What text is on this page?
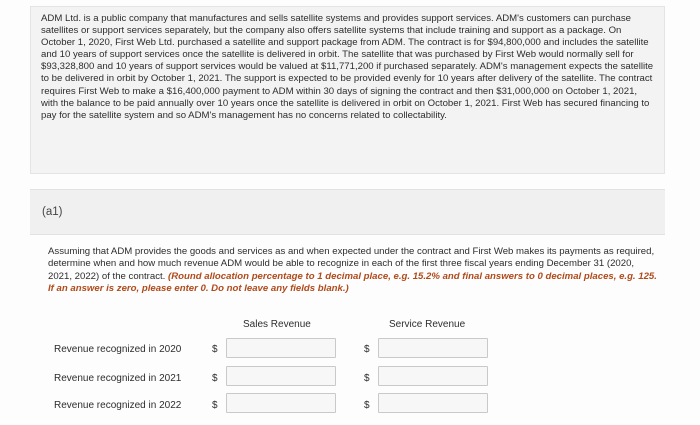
ADM Ltd. is a public company that manufactures and sells satellite systems and provides support services. ADM's customers can purchase satellites or support services separately, but the company also offers satellite systems that include training and support as a package. On October 1, 2020, First Web Ltd. purchased a satellite and support package from ADM. The contract is for $94,800,000 and includes the satellite and 10 years of support services once the satellite is delivered in orbit. The satellite that was purchased by First Web would normally sell for $93,328,800 and 10 years of support services would be valued at $11,771,200 if purchased separately. ADM's management expects the satellite to be delivered in orbit by October 1, 2021. The support is expected to be provided evenly for 10 years after delivery of the satellite. The contract requires First Web to make a $16,400,000 payment to ADM within 30 days of signing the contract and then $31,000,000 on October 1, 2021, with the balance to be paid annually over 10 years once the satellite is delivered in orbit on October 1, 2021. First Web has secured financing to pay for the satellite system and so ADM's management has no concerns related to collectability.

(a1)

Assuming that ADM provides the goods and services as and when expected under the contract and First Web makes its payments as required, determine when and how much revenue ADM would be able to recognize in each of the first three fiscal years ending December 31 (2020, 2021, 2022) of the contract. (Round allocation percentage to 1 decimal place, e.g. 15.2% and final answers to 0 decimal places, e.g. 125. If an answer is zero, please enter 0. Do not leave any fields blank.)

Sales Revenue	Service Revenue
Revenue recognized in 2020	$	$
Revenue recognized in 2021	$	$
Revenue recognized in 2022	$	$
